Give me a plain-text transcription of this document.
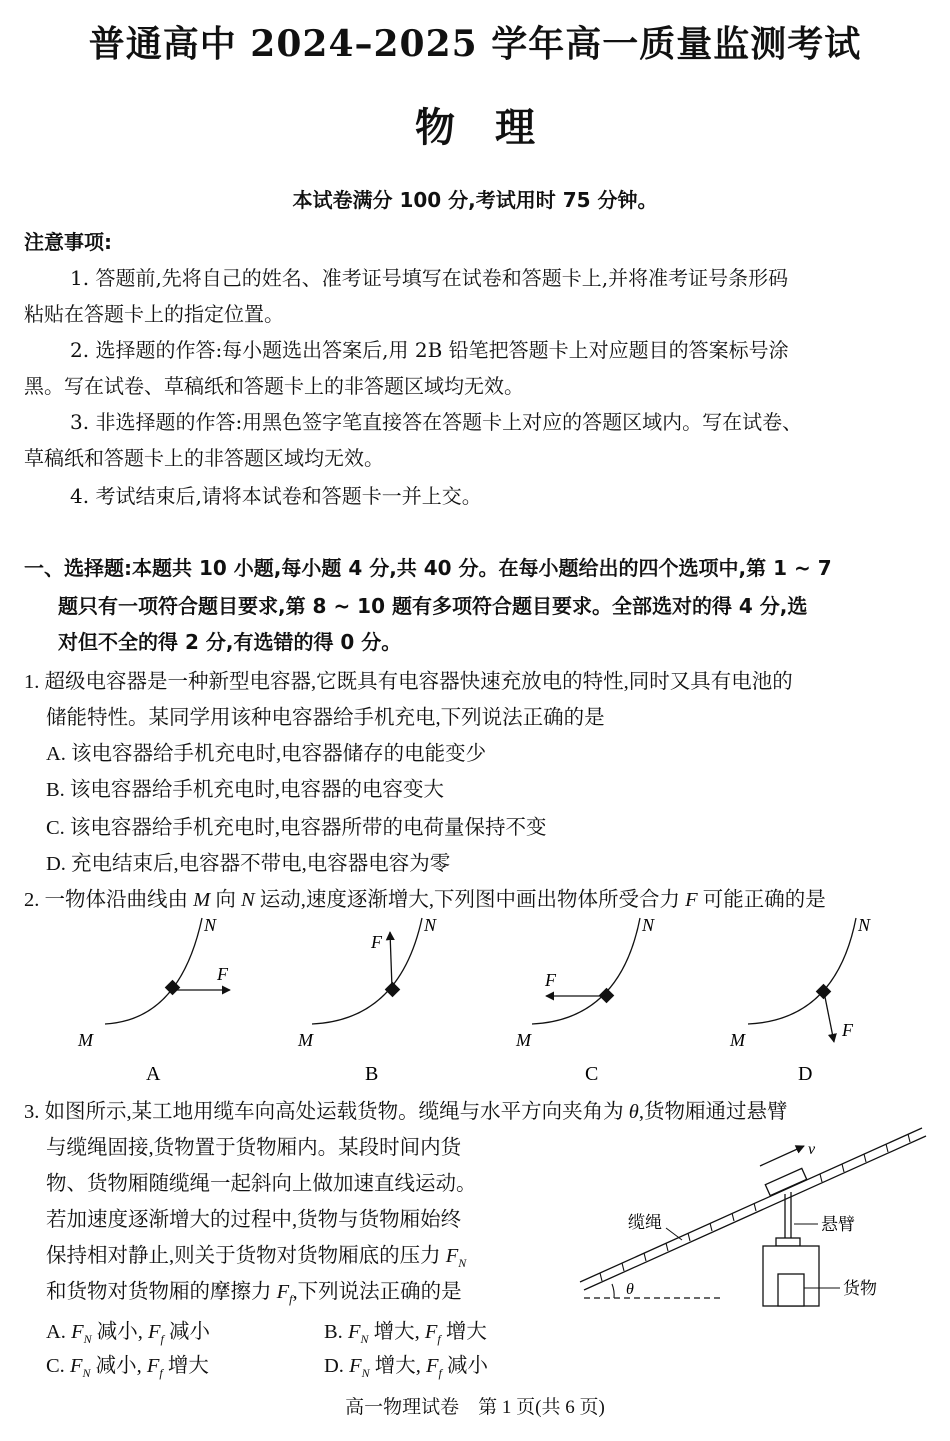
普通高中 2024–2025 学年高一质量监测考试
物理
本试卷满分 100 分,考试用时 75 分钟。
注意事项:
1. 答题前,先将自己的姓名、准考证号填写在试卷和答题卡上,并将准考证号条形码
粘贴在答题卡上的指定位置。
2. 选择题的作答:每小题选出答案后,用 2B 铅笔把答题卡上对应题目的答案标号涂
黑。写在试卷、草稿纸和答题卡上的非答题区域均无效。
3. 非选择题的作答:用黑色签字笔直接答在答题卡上对应的答题区域内。写在试卷、
草稿纸和答题卡上的非答题区域均无效。
4. 考试结束后,请将本试卷和答题卡一并上交。
一、选择题:本题共 10 小题,每小题 4 分,共 40 分。在每小题给出的四个选项中,第 1 ~ 7
题只有一项符合题目要求,第 8 ~ 10 题有多项符合题目要求。全部选对的得 4 分,选
对但不全的得 2 分,有选错的得 0 分。
1. 超级电容器是一种新型电容器,它既具有电容器快速充放电的特性,同时又具有电池的
储能特性。某同学用该种电容器给手机充电,下列说法正确的是
A. 该电容器给手机充电时,电容器储存的电能变少
B. 该电容器给手机充电时,电容器的电容变大
C. 该电容器给手机充电时,电容器所带的电荷量保持不变
D. 充电结束后,电容器不带电,电容器电容为零
2. 一物体沿曲线由 M 向 N 运动,速度逐渐增大,下列图中画出物体所受合力 F 可能正确的是
N
F
M
A
N
F
M
B
N
F
M
C
N
F
M
D
3. 如图所示,某工地用缆车向高处运载货物。缆绳与水平方向夹角为 θ,货物厢通过悬臂
与缆绳固接,货物置于货物厢内。某段时间内货
物、货物厢随缆绳一起斜向上做加速直线运动。
若加速度逐渐增大的过程中,货物与货物厢始终
保持相对静止,则关于货物对货物厢底的压力 $F_N$
和货物对货物厢的摩擦力 $F_f$,下列说法正确的是
A. $F_N$ 减小, $F_f$ 减小	B. $F_N$ 增大, $F_f$ 增大
C. $F_N$ 减小, $F_f$ 增大	D. $F_N$ 增大, $F_f$ 减小
v
θ
缆绳	悬臂
货物
高一物理试卷　第 1 页(共 6 页)
